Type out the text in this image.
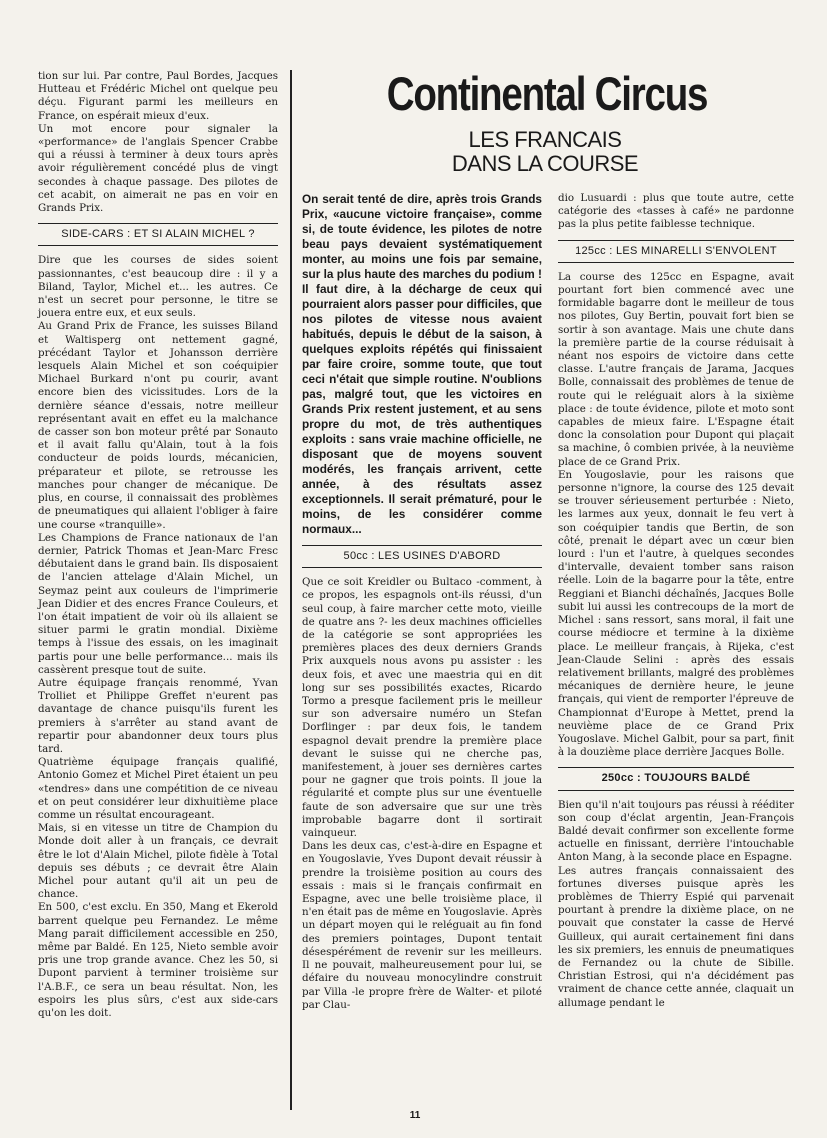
Continental Circus
LES FRANCAIS
DANS LA COURSE

tion sur lui. Par contre, Paul Bordes, Jacques Hutteau et Frédéric Michel ont quelque peu déçu. Figurant parmi les meilleurs en France, on espérait mieux d'eux.

Un mot encore pour signaler la «performance» de l'anglais Spencer Crabbe qui a réussi à terminer à deux tours après avoir régulièrement concédé plus de vingt secondes à chaque passage. Des pilotes de cet acabit, on aimerait ne pas en voir en Grands Prix.

SIDE-CARS : ET SI ALAIN MICHEL ?

Dire que les courses de sides soient passionnantes, c'est beaucoup dire : il y a Biland, Taylor, Michel et... les autres. Ce n'est un secret pour personne, le titre se jouera entre eux, et eux seuls.

Au Grand Prix de France, les suisses Biland et Waltisperg ont nettement gagné, précédant Taylor et Johansson derrière lesquels Alain Michel et son coéquipier Michael Burkard n'ont pu courir, avant encore bien des vicissitudes. Lors de la dernière séance d'essais, notre meilleur représentant avait en effet eu la malchance de casser son bon moteur prêté par Sonauto et il avait fallu qu'Alain, tout à la fois conducteur de poids lourds, mécanicien, préparateur et pilote, se retrousse les manches pour changer de mécanique. De plus, en course, il connaissait des problèmes de pneumatiques qui allaient l'obliger à faire une course «tranquille».

Les Champions de France nationaux de l'an dernier, Patrick Thomas et Jean-Marc Fresc débutaient dans le grand bain. Ils disposaient de l'ancien attelage d'Alain Michel, un Seymaz peint aux couleurs de l'imprimerie Jean Didier et des encres France Couleurs, et l'on était impatient de voir où ils allaient se situer parmi le gratin mondial. Dixième temps à l'issue des essais, on les imaginait partis pour une belle performance... mais ils cassèrent presque tout de suite.

Autre équipage français renommé, Yvan Trolliet et Philippe Greffet n'eurent pas davantage de chance puisqu'ils furent les premiers à s'arrêter au stand avant de repartir pour abandonner deux tours plus tard.

Quatrième équipage français qualifié, Antonio Gomez et Michel Piret étaient un peu «tendres» dans une compétition de ce niveau et on peut considérer leur dixhuitième place comme un résultat encourageant.

Mais, si en vitesse un titre de Champion du Monde doit aller à un français, ce devrait être le lot d'Alain Michel, pilote fidèle à Total depuis ses débuts ; ce devrait être Alain Michel pour autant qu'il ait un peu de chance.

En 500, c'est exclu. En 350, Mang et Ekerold barrent quelque peu Fernandez. Le même Mang parait difficilement accessible en 250, même par Baldé. En 125, Nieto semble avoir pris une trop grande avance. Chez les 50, si Dupont parvient à terminer troisième sur l'A.B.F., ce sera un beau résultat. Non, les espoirs les plus sûrs, c'est aux side-cars qu'on les doit.

On serait tenté de dire, après trois Grands Prix, «aucune victoire française», comme si, de toute évidence, les pilotes de notre beau pays devaient systématiquement monter, au moins une fois par semaine, sur la plus haute des marches du podium !

Il faut dire, à la décharge de ceux qui pourraient alors passer pour difficiles, que nos pilotes de vitesse nous avaient habitués, depuis le début de la saison, à quelques exploits répétés qui finissaient par faire croire, somme toute, que tout ceci n'était que simple routine. N'oublions pas, malgré tout, que les victoires en Grands Prix restent justement, et au sens propre du mot, de très authentiques exploits : sans vraie machine officielle, ne disposant que de moyens souvent modérés, les français arrivent, cette année, à des résultats assez exceptionnels. Il serait prématuré, pour le moins, de les considérer comme normaux...

50cc : LES USINES D'ABORD

Que ce soit Kreidler ou Bultaco -comment, à ce propos, les espagnols ont-ils réussi, d'un seul coup, à faire marcher cette moto, vieille de quatre ans ?- les deux machines officielles de la catégorie se sont appropriées les premières places des deux derniers Grands Prix auxquels nous avons pu assister : les deux fois, et avec une maestria qui en dit long sur ses possibilités exactes, Ricardo Tormo a presque facilement pris le meilleur sur son adversaire numéro un Stefan Dorflinger : par deux fois, le tandem espagnol devait prendre la première place devant le suisse qui ne cherche pas, manifestement, à jouer ses dernières cartes pour ne gagner que trois points. Il joue la régularité et compte plus sur une éventuelle faute de son adversaire que sur une très improbable bagarre dont il sortirait vainqueur.

Dans les deux cas, c'est-à-dire en Espagne et en Yougoslavie, Yves Dupont devait réussir à prendre la troisième position au cours des essais : mais si le français confirmait en Espagne, avec une belle troisième place, il n'en était pas de même en Yougoslavie. Après un départ moyen qui le reléguait au fin fond des premiers pointages, Dupont tentait désespérément de revenir sur les meilleurs. Il ne pouvait, malheureusement pour lui, se défaire du nouveau monocylindre construit par Villa -le propre frère de Walter- et piloté par Clau-

dio Lusuardi : plus que toute autre, cette catégorie des «tasses à café» ne pardonne pas la plus petite faiblesse technique.

125cc : LES MINARELLI S'ENVOLENT

La course des 125cc en Espagne, avait pourtant fort bien commencé avec une formidable bagarre dont le meilleur de tous nos pilotes, Guy Bertin, pouvait fort bien se sortir à son avantage. Mais une chute dans la première partie de la course réduisait à néant nos espoirs de victoire dans cette classe. L'autre français de Jarama, Jacques Bolle, connaissait des problèmes de tenue de route qui le reléguait alors à la sixième place : de toute évidence, pilote et moto sont capables de mieux faire. L'Espagne était donc la consolation pour Dupont qui plaçait sa machine, ô combien privée, à la neuvième place de ce Grand Prix.

En Yougoslavie, pour les raisons que personne n'ignore, la course des 125 devait se trouver sérieusement perturbée : Nieto, les larmes aux yeux, donnait le feu vert à son coéquipier tandis que Bertin, de son côté, prenait le départ avec un cœur bien lourd : l'un et l'autre, à quelques secondes d'intervalle, devaient tomber sans raison réelle. Loin de la bagarre pour la tête, entre Reggiani et Bianchi déchaînés, Jacques Bolle subit lui aussi les contrecoups de la mort de Michel : sans ressort, sans moral, il fait une course médiocre et termine à la dixième place. Le meilleur français, à Rijeka, c'est Jean-Claude Selini : après des essais relativement brillants, malgré des problèmes mécaniques de dernière heure, le jeune français, qui vient de remporter l'épreuve de Championnat d'Europe à Mettet, prend la neuvième place de ce Grand Prix Yougoslave. Michel Galbit, pour sa part, finit à la douzième place derrière Jacques Bolle.

250cc : TOUJOURS BALDÉ

Bien qu'il n'ait toujours pas réussi à rééditer son coup d'éclat argentin, Jean-François Baldé devait confirmer son excellente forme actuelle en finissant, derrière l'intouchable Anton Mang, à la seconde place en Espagne.

Les autres français connaissaient des fortunes diverses puisque après les problèmes de Thierry Espié qui parvenait pourtant à prendre la dixième place, on ne pouvait que constater la casse de Hervé Guilleux, qui aurait certainement fini dans les six premiers, les ennuis de pneumatiques de Fernandez ou la chute de Sibille. Christian Estrosi, qui n'a décidément pas vraiment de chance cette année, claquait un allumage pendant le

11
